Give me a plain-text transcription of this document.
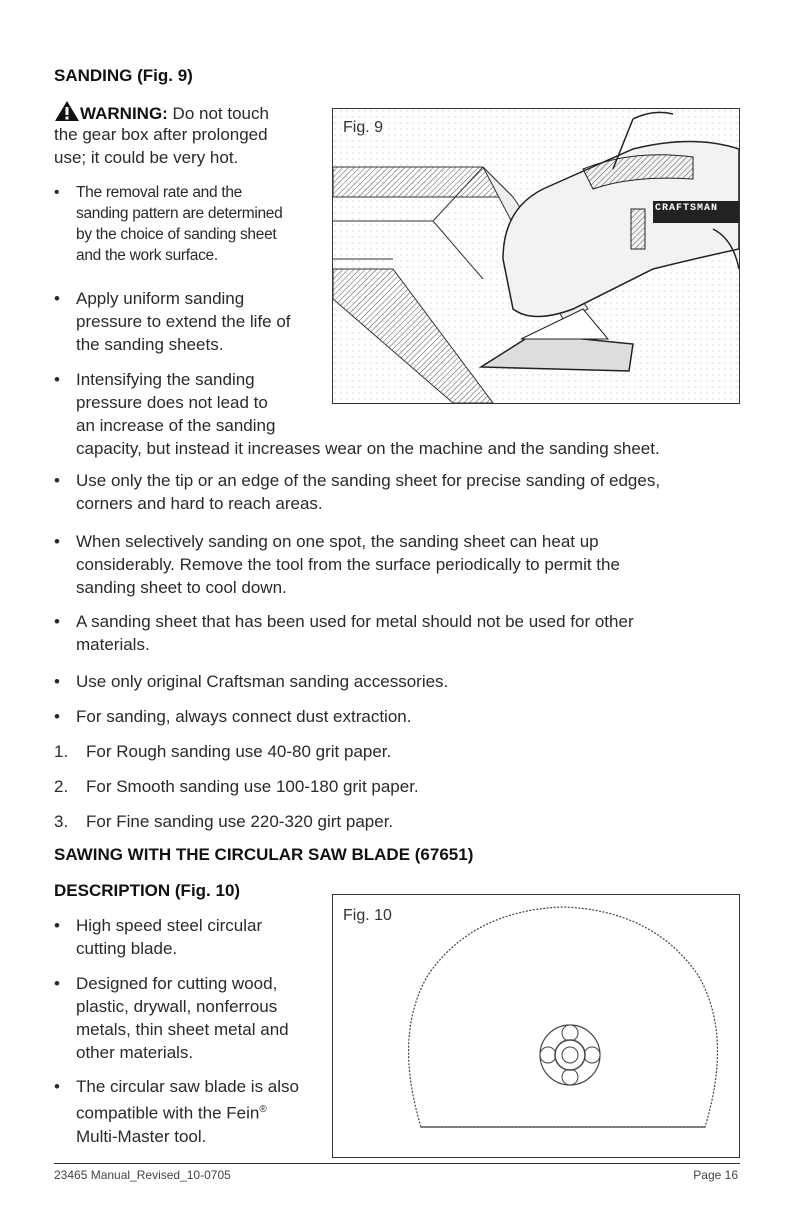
SANDING (Fig. 9)
WARNING: Do not touch
the gear box after prolonged
use; it could be very hot.
• The removal rate and the
sanding pattern are determined
by the choice of sanding sheet
and the work surface.
• Apply uniform sanding
pressure to extend the life of
the sanding sheets.
• Intensifying the sanding
pressure does not lead to
an increase of the sanding
capacity, but instead it increases wear on the machine and the sanding sheet.
CRAFTSMAN
Fig. 9
• Use only the tip or an edge of the sanding sheet for precise sanding of edges,
corners and hard to reach areas.
• When selectively sanding on one spot, the sanding sheet can heat up
considerably. Remove the tool from the surface periodically to permit the
sanding sheet to cool down.
• A sanding sheet that has been used for metal should not be used for other
materials.
• Use only original Craftsman sanding accessories.
• For sanding, always connect dust extraction.
1. For Rough sanding use 40-80 grit paper.
2. For Smooth sanding use 100-180 grit paper.
3. For Fine sanding use 220-320 girt paper.
SAWING WITH THE CIRCULAR SAW BLADE (67651)
DESCRIPTION (Fig. 10)
• High speed steel circular
cutting blade.
• Designed for cutting wood,
plastic, drywall, nonferrous
metals, thin sheet metal and
other materials.
• The circular saw blade is also
compatible with the Fein®
Multi-Master tool.
Fig. 10
23465 Manual_Revised_10-0705	Page 16
